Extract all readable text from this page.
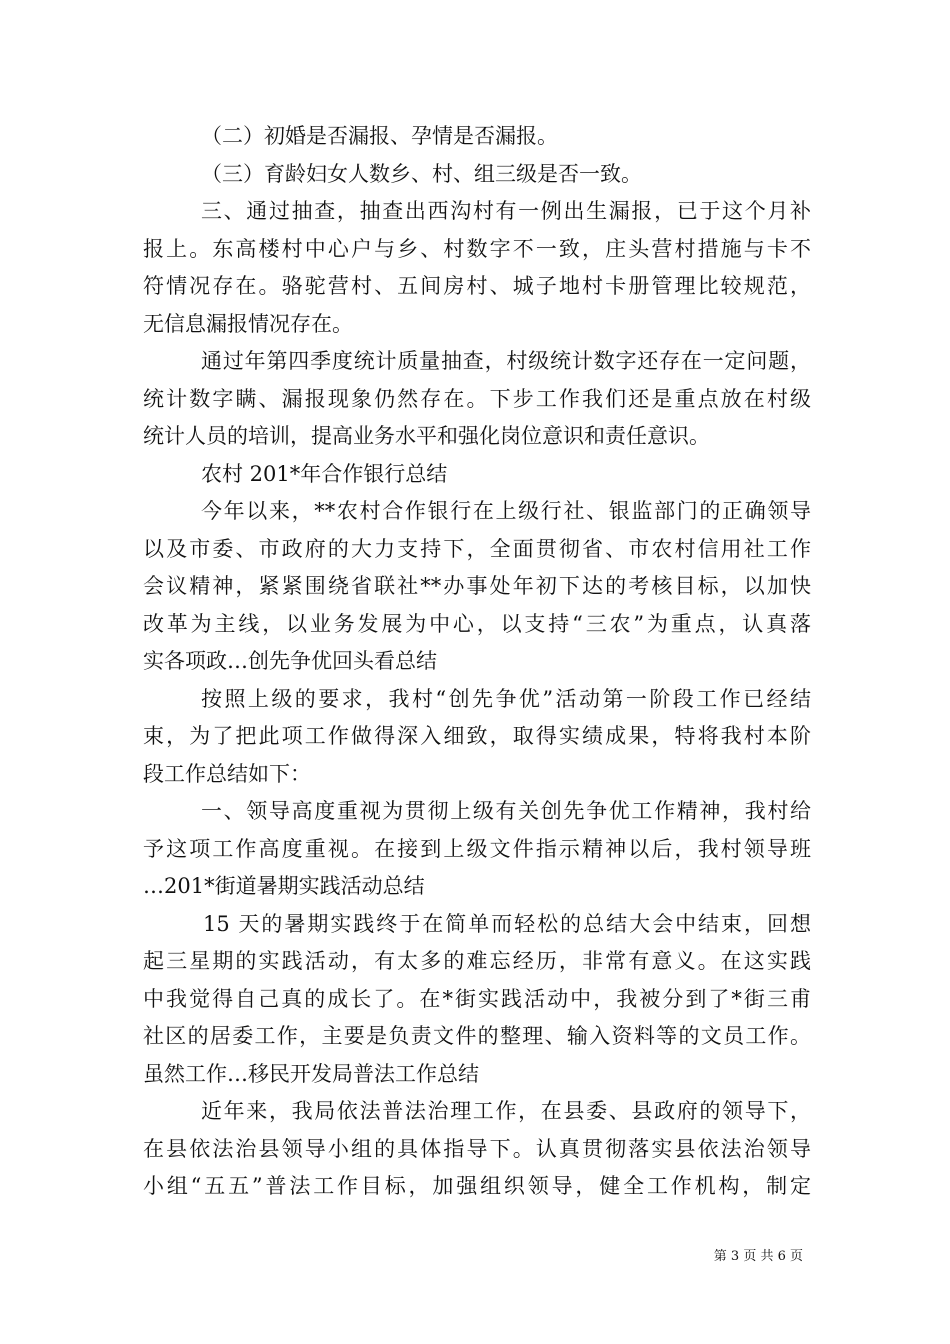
（二）初婚是否漏报、孕情是否漏报。
（三）育龄妇女人数乡、村、组三级是否一致。
三、通过抽查，抽查出西沟村有一例出生漏报，已于这个月补
报上。东高楼村中心户与乡、村数字不一致，庄头营村措施与卡不
符情况存在。骆驼营村、五间房村、城子地村卡册管理比较规范，
无信息漏报情况存在。
通过年第四季度统计质量抽查，村级统计数字还存在一定问题，
统计数字瞒、漏报现象仍然存在。下步工作我们还是重点放在村级
统计人员的培训，提高业务水平和强化岗位意识和责任意识。
农村 201*年合作银行总结
今年以来，**农村合作银行在上级行社、银监部门的正确领导
以及市委、市政府的大力支持下，全面贯彻省、市农村信用社工作
会议精神，紧紧围绕省联社**办事处年初下达的考核目标，以加快
改革为主线，以业务发展为中心，以支持“三农”为重点，认真落
实各项政…创先争优回头看总结
按照上级的要求，我村“创先争优”活动第一阶段工作已经结
束，为了把此项工作做得深入细致，取得实绩成果，特将我村本阶
段工作总结如下：
一、领导高度重视为贯彻上级有关创先争优工作精神，我村给
予这项工作高度重视。在接到上级文件指示精神以后，我村领导班
…201*街道暑期实践活动总结
15 天的暑期实践终于在简单而轻松的总结大会中结束，回想
起三星期的实践活动，有太多的难忘经历，非常有意义。在这实践
中我觉得自己真的成长了。在*街实践活动中，我被分到了*街三甫
社区的居委工作，主要是负责文件的整理、输入资料等的文员工作。
虽然工作…移民开发局普法工作总结
近年来，我局依法普法治理工作，在县委、县政府的领导下，
在县依法治县领导小组的具体指导下。认真贯彻落实县依法治领导
小组“五五”普法工作目标，加强组织领导，健全工作机构，制定
第 3 页 共 6 页
